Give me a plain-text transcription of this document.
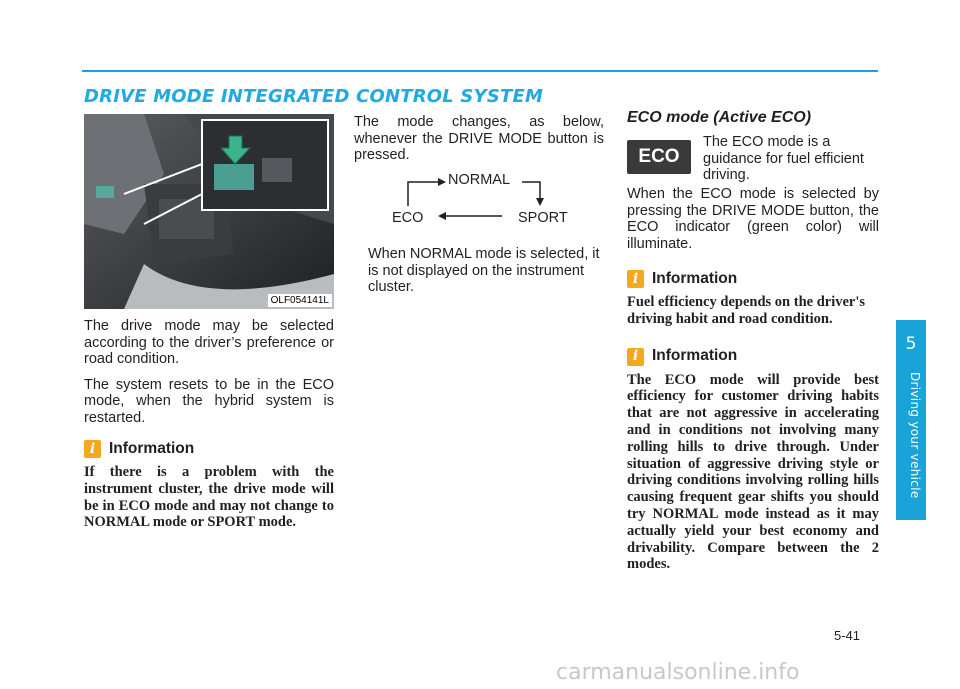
DRIVE MODE INTEGRATED CONTROL SYSTEM
OLF054141L

The drive mode may be selected according to the driver’s preference or road condition.

The system resets to be in the ECO mode, when the hybrid system is restarted.

i Information
If there is a problem with the instrument cluster, the drive mode will be in ECO mode and may not change to NORMAL mode or SPORT mode.

The mode changes, as below, whenever the DRIVE MODE button is pressed.

NORMAL
ECO	SPORT

When NORMAL mode is selected, it is not displayed on the instrument cluster.

ECO mode (Active ECO)
ECO

The ECO mode is a guidance for fuel efficient driving.

When the ECO mode is selected by pressing the DRIVE MODE button, the ECO indicator (green color) will illuminate.

i Information
Fuel efficiency depends on the driver's driving habit and road condition.
i Information
The ECO mode will provide best efficiency for customer driving habits that are not aggressive in accelerating and in conditions not involving many rolling hills to drive through. Under situation of aggressive driving style or driving conditions involving rolling hills causing frequent gear shifts you should try NORMAL mode instead as it may actually yield your best economy and drivability. Compare between the 2 modes.
5
Driving your vehicle
5-41
carmanualsonline.info
